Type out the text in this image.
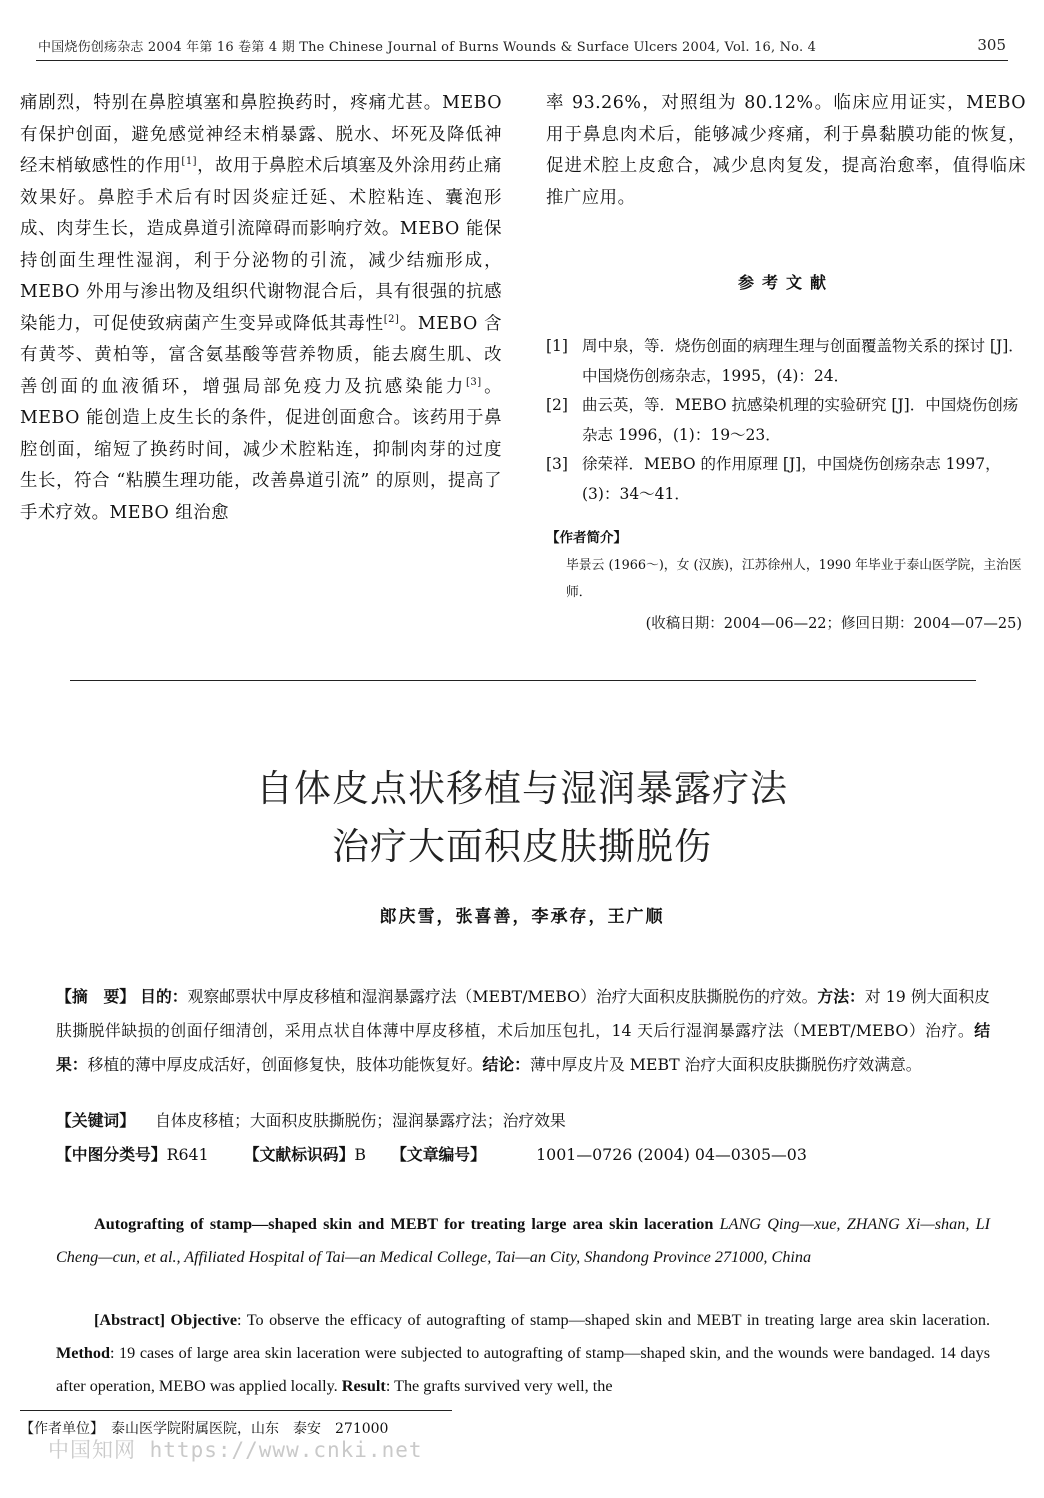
中国烧伤创疡杂志 2004 年第 16 卷第 4 期 The Chinese Journal of Burns Wounds & Surface Ulcers 2004, Vol. 16, No. 4	305

痛剧烈，特别在鼻腔填塞和鼻腔换药时，疼痛尤甚。MEBO 有保护创面，避免感觉神经末梢暴露、脱水、坏死及降低神经末梢敏感性的作用[1]，故用于鼻腔术后填塞及外涂用药止痛效果好。鼻腔手术后有时因炎症迁延、术腔粘连、囊泡形成、肉芽生长，造成鼻道引流障碍而影响疗效。MEBO 能保持创面生理性湿润，利于分泌物的引流，减少结痂形成，MEBO 外用与渗出物及组织代谢物混合后，具有很强的抗感染能力，可促使致病菌产生变异或降低其毒性[2]。MEBO 含有黄芩、黄柏等，富含氨基酸等营养物质，能去腐生肌、改善创面的血液循环，增强局部免疫力及抗感染能力[3]。MEBO 能创造上皮生长的条件，促进创面愈合。该药用于鼻腔创面，缩短了换药时间，减少术腔粘连，抑制肉芽的过度生长，符合 “粘膜生理功能，改善鼻道引流” 的原则，提高了手术疗效。MEBO 组治愈

率 93.26%，对照组为 80.12%。临床应用证实，MEBO 用于鼻息肉术后，能够减少疼痛，利于鼻黏膜功能的恢复，促进术腔上皮愈合，减少息肉复发，提高治愈率，值得临床推广应用。

参考文献
[1] 周中泉，等．烧伤创面的病理生理与创面覆盖物关系的探讨 [J]．中国烧伤创疡杂志，1995，(4)：24．
[2] 曲云英，等．MEBO 抗感染机理的实验研究 [J]．中国烧伤创疡杂志 1996，(1)：19～23．
[3] 徐荣祥．MEBO 的作用原理 [J]，中国烧伤创疡杂志 1997，(3)：34～41．
【作者简介】
毕景云 (1966～)，女 (汉族)，江苏徐州人，1990 年毕业于泰山医学院，主治医师．
(收稿日期：2004—06—22；修回日期：2004—07—25)
自体皮点状移植与湿润暴露疗法
治疗大面积皮肤撕脱伤
郎庆雪，张喜善，李承存，王广顺
【摘　要】 目的：观察邮票状中厚皮移植和湿润暴露疗法（MEBT/MEBO）治疗大面积皮肤撕脱伤的疗效。方法：对 19 例大面积皮肤撕脱伴缺损的创面仔细清创，采用点状自体薄中厚皮移植，术后加压包扎，14 天后行湿润暴露疗法（MEBT/MEBO）治疗。结果：移植的薄中厚皮成活好，创面修复快，肢体功能恢复好。结论：薄中厚皮片及 MEBT 治疗大面积皮肤撕脱伤疗效满意。
【关键词】 自体皮移植；大面积皮肤撕脱伤；湿润暴露疗法；治疗效果
【中图分类号】R641 【文献标识码】B 【文章编号】	1001—0726 (2004) 04—0305—03
Autografting of stamp—shaped skin and MEBT for treating large area skin laceration LANG Qing—xue, ZHANG Xi—shan, LI Cheng—cun, et al., Affiliated Hospital of Tai—an Medical College, Tai—an City, Shandong Province 271000, China
[Abstract] Objective: To observe the efficacy of autografting of stamp—shaped skin and MEBT in treating large area skin laceration. Method: 19 cases of large area skin laceration were subjected to autografting of stamp—shaped skin, and the wounds were bandaged. 14 days after operation, MEBO was applied locally. Result: The grafts survived very well, the
【作者单位】　泰山医学院附属医院，山东　泰安　271000
中国知网 https://www.cnki.net
